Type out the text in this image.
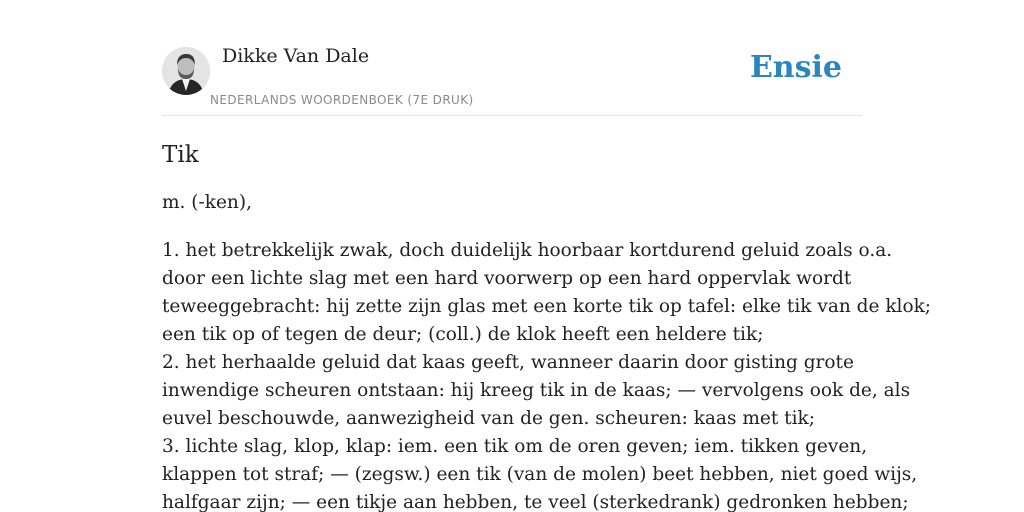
Dikke Van Dale
NEDERLANDS WOORDENBOEK (7E DRUK)
Ensie
Tik

m. (-ken),

1. het betrekkelijk zwak, doch duidelijk hoorbaar kortdurend geluid zoals o.a.
door een lichte slag met een hard voorwerp op een hard oppervlak wordt
teweeggebracht: hij zette zijn glas met een korte tik op tafel: elke tik van de klok;
een tik op of tegen de deur; (coll.) de klok heeft een heldere tik;
2. het herhaalde geluid dat kaas geeft, wanneer daarin door gisting grote
inwendige scheuren ontstaan: hij kreeg tik in de kaas; — vervolgens ook de, als
euvel beschouwde, aanwezigheid van de gen. scheuren: kaas met tik;
3. lichte slag, klop, klap: iem. een tik om de oren geven; iem. tikken geven,
klappen tot straf; — (zegsw.) een tik (van de molen) beet hebben, niet goed wijs,
halfgaar zijn; — een tikje aan hebben, te veel (sterkedrank) gedronken hebben;
